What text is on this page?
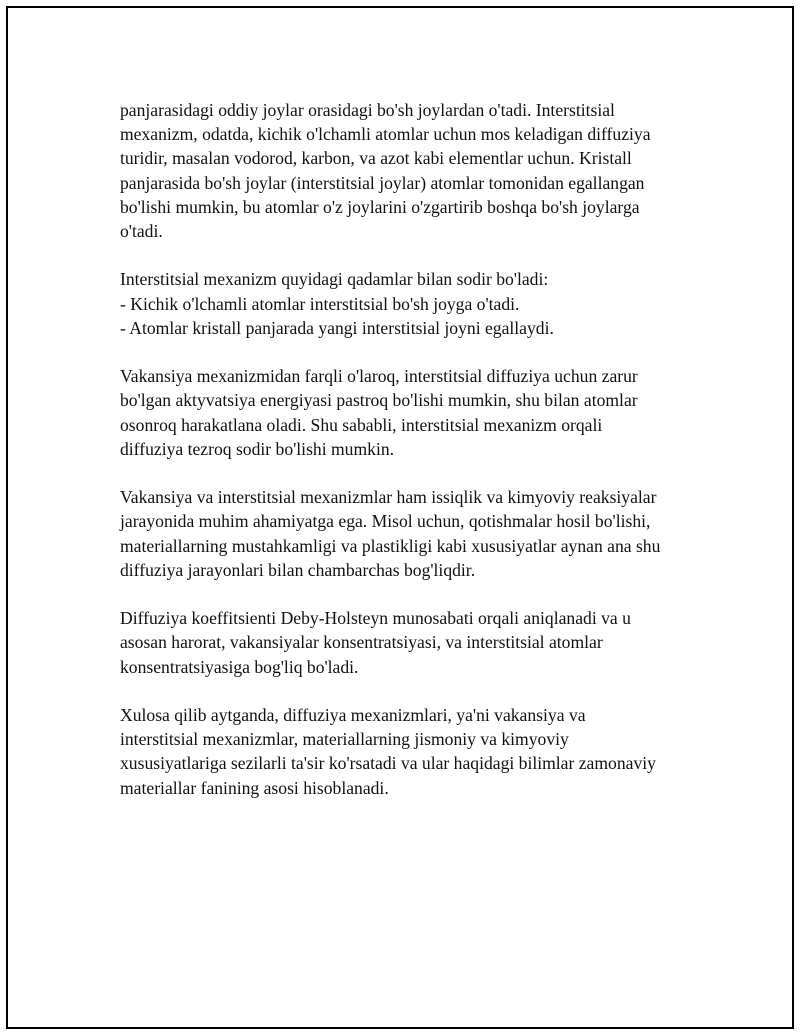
panjarasidagi oddiy joylar orasidagi bo'sh joylardan o'tadi. Interstitsial
mexanizm, odatda, kichik o'lchamli atomlar uchun mos keladigan diffuziya
turidir, masalan vodorod, karbon, va azot kabi elementlar uchun. Kristall
panjarasida bo'sh joylar (interstitsial joylar) atomlar tomonidan egallangan
bo'lishi mumkin, bu atomlar o'z joylarini o'zgartirib boshqa bo'sh joylarga
o'tadi.

Interstitsial mexanizm quyidagi qadamlar bilan sodir bo'ladi:
- Kichik o'lchamli atomlar interstitsial bo'sh joyga o'tadi.
- Atomlar kristall panjarada yangi interstitsial joyni egallaydi.

Vakansiya mexanizmidan farqli o'laroq, interstitsial diffuziya uchun zarur
bo'lgan aktyvatsiya energiyasi pastroq bo'lishi mumkin, shu bilan atomlar
osonroq harakatlana oladi. Shu sababli, interstitsial mexanizm orqali
diffuziya tezroq sodir bo'lishi mumkin.

Vakansiya va interstitsial mexanizmlar ham issiqlik va kimyoviy reaksiyalar
jarayonida muhim ahamiyatga ega. Misol uchun, qotishmalar hosil bo'lishi,
materiallarning mustahkamligi va plastikligi kabi xususiyatlar aynan ana shu
diffuziya jarayonlari bilan chambarchas bog'liqdir.

Diffuziya koeffitsienti Deby-Holsteyn munosabati orqali aniqlanadi va u
asosan harorat, vakansiyalar konsentratsiyasi, va interstitsial atomlar
konsentratsiyasiga bog'liq bo'ladi.

Xulosa qilib aytganda, diffuziya mexanizmlari, ya'ni vakansiya va
interstitsial mexanizmlar, materiallarning jismoniy va kimyoviy
xususiyatlariga sezilarli ta'sir ko'rsatadi va ular haqidagi bilimlar zamonaviy
materiallar fanining asosi hisoblanadi.
